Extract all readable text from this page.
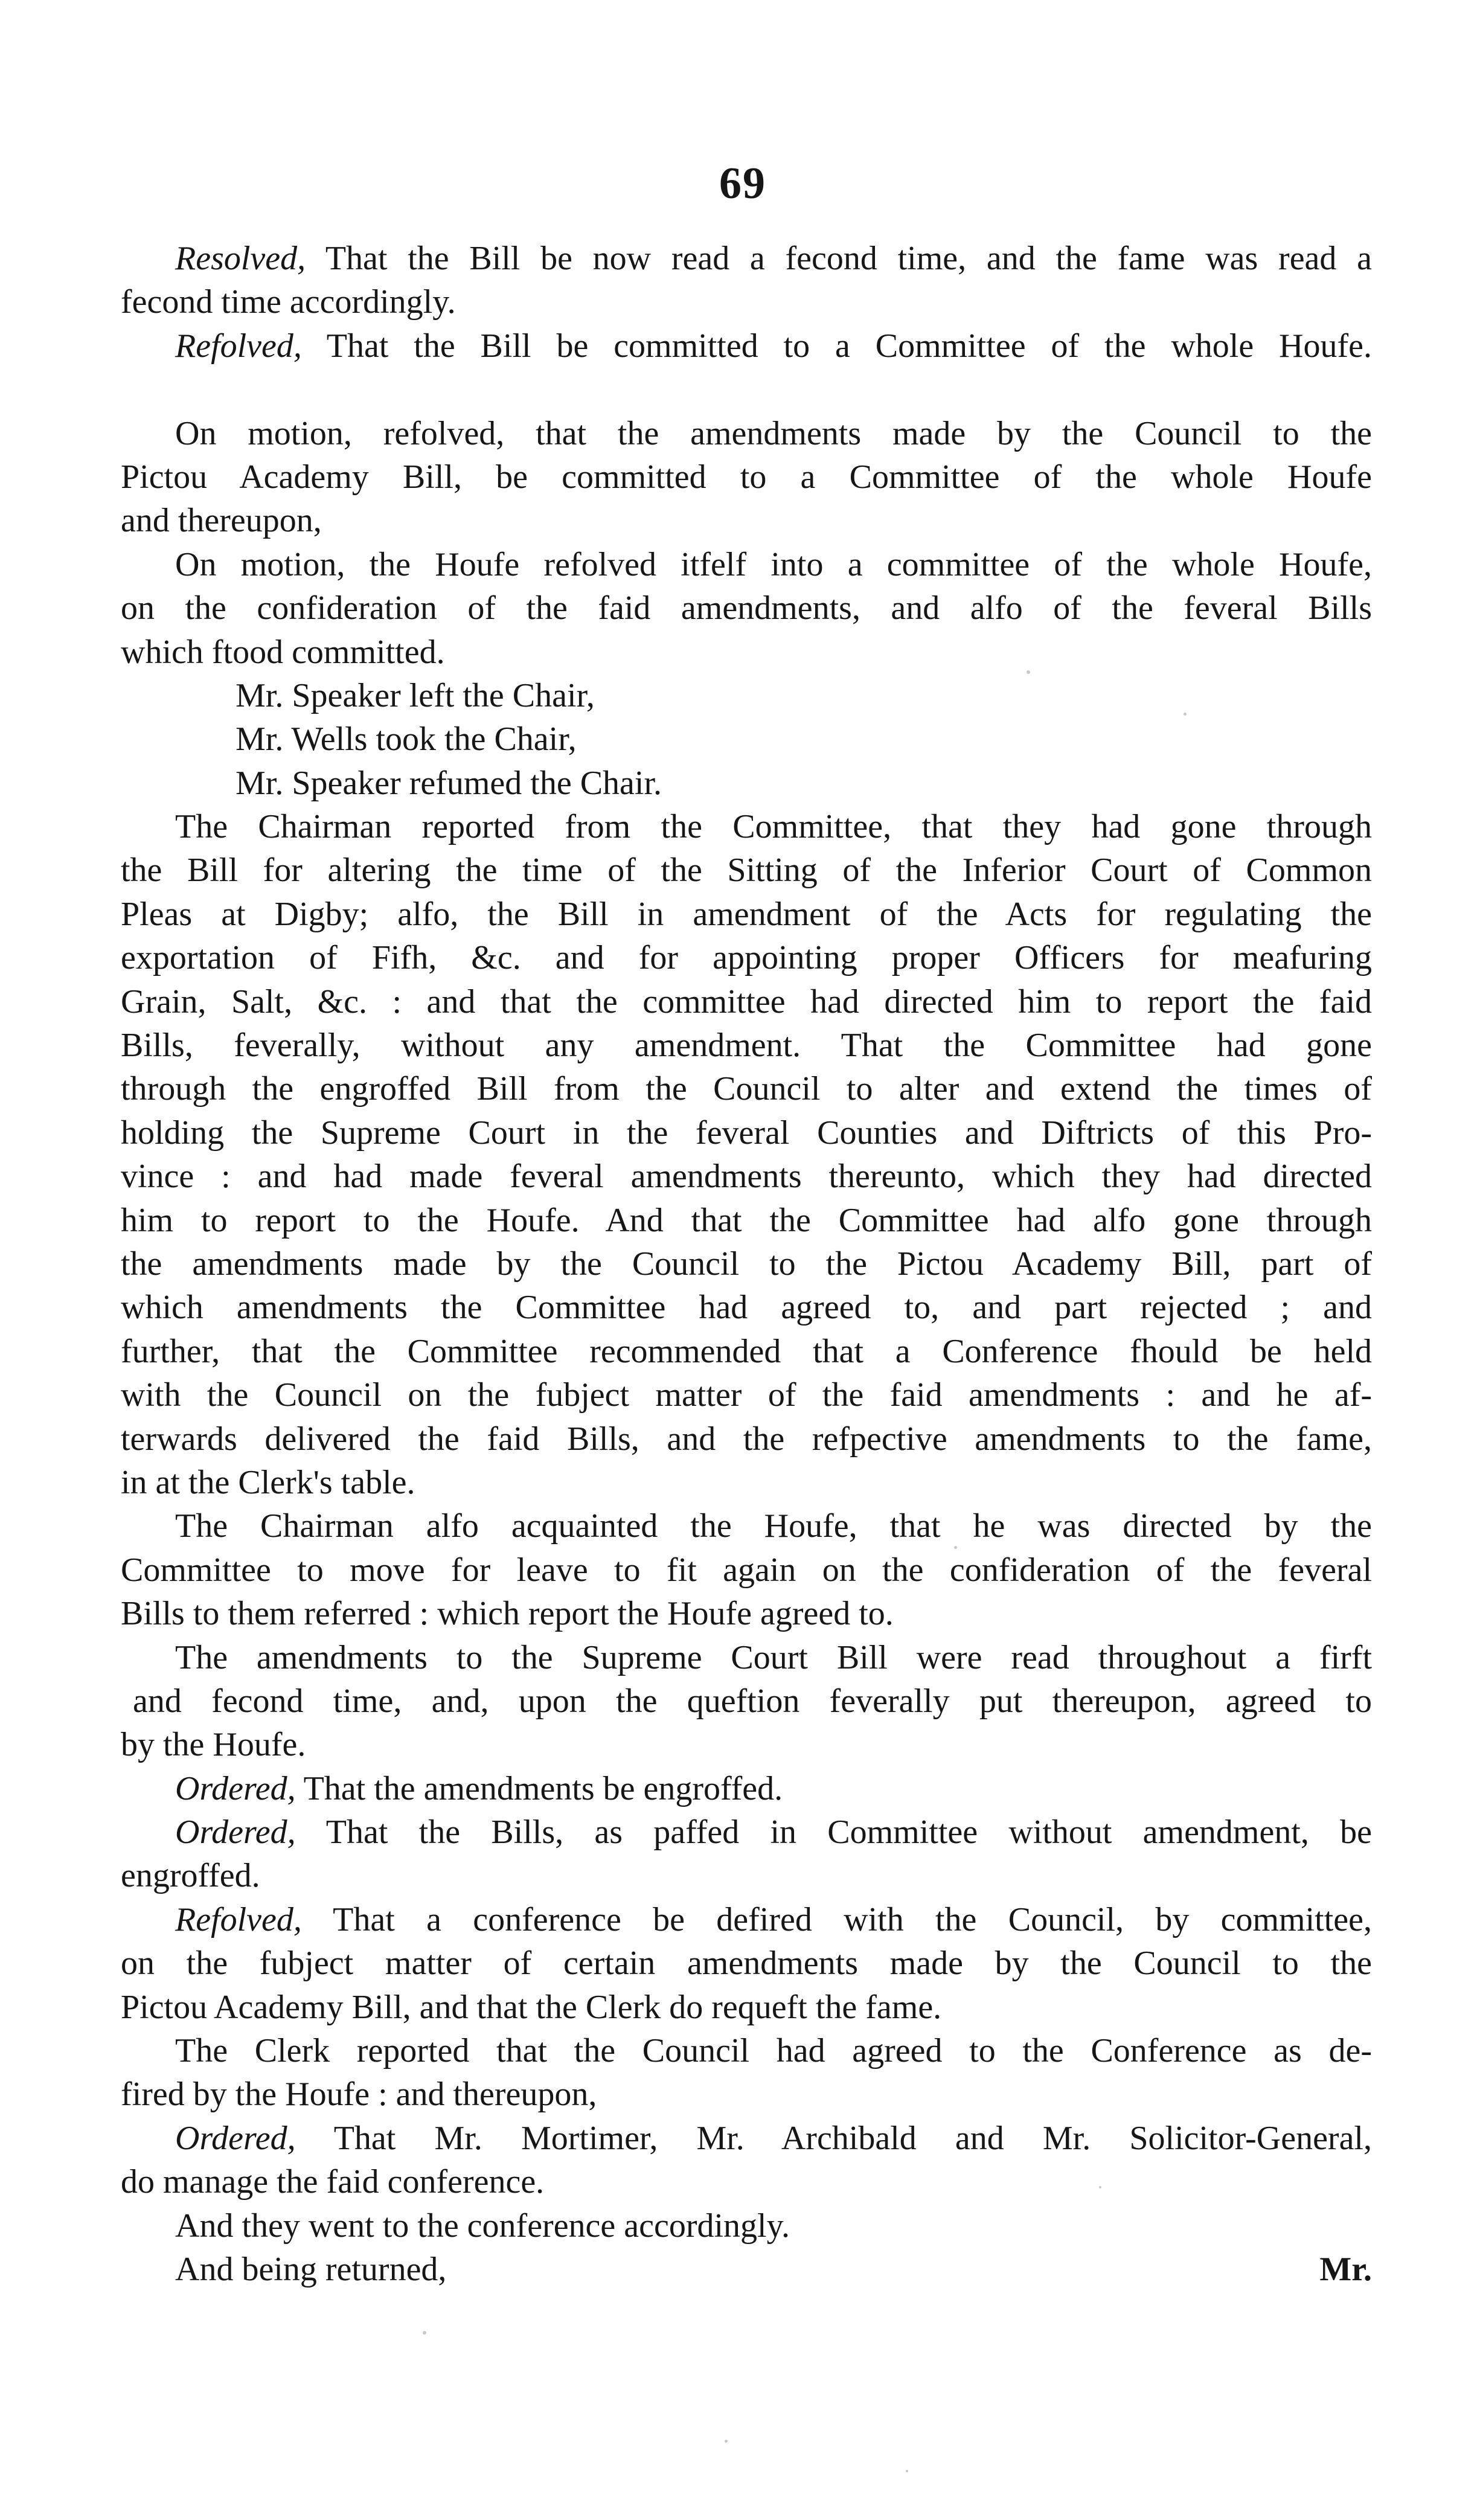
69
Resolved, That the Bill be now read a fecond time, and the fame was read a
fecond time accordingly.
Refolved, That the Bill be committed to a Committee of the whole Houfe.
On motion, refolved, that the amendments made by the Council to the
Pictou Academy Bill, be committed to a Committee of the whole Houfe
and thereupon,
On motion, the Houfe refolved itfelf into a committee of the whole Houfe,
on the confideration of the faid amendments, and alfo of the feveral Bills
which ftood committed.
Mr. Speaker left the Chair,
Mr. Wells took the Chair,
Mr. Speaker refumed the Chair.
The Chairman reported from the Committee, that they had gone through
the Bill for altering the time of the Sitting of the Inferior Court of Common
Pleas at Digby; alfo, the Bill in amendment of the Acts for regulating the
exportation of Fifh, &c. and for appointing proper Officers for meafuring
Grain, Salt, &c. : and that the committee had directed him to report the faid
Bills, feverally, without any amendment. That the Committee had gone
through the engroffed Bill from the Council to alter and extend the times of
holding the Supreme Court in the feveral Counties and Diftricts of this Pro-
vince : and had made feveral amendments thereunto, which they had directed
him to report to the Houfe. And that the Committee had alfo gone through
the amendments made by the Council to the Pictou Academy Bill, part of
which amendments the Committee had agreed to, and part rejected ; and
further, that the Committee recommended that a Conference fhould be held
with the Council on the fubject matter of the faid amendments : and he af-
terwards delivered the faid Bills, and the refpective amendments to the fame,
in at the Clerk's table.
The Chairman alfo acquainted the Houfe, that he was directed by the
Committee to move for leave to fit again on the confideration of the feveral
Bills to them referred : which report the Houfe agreed to.
The amendments to the Supreme Court Bill were read throughout a firft
and fecond time, and, upon the queftion feverally put thereupon, agreed to
by the Houfe.
Ordered, That the amendments be engroffed.
Ordered, That the Bills, as paffed in Committee without amendment, be
engroffed.
Refolved, That a conference be defired with the Council, by committee,
on the fubject matter of certain amendments made by the Council to the
Pictou Academy Bill, and that the Clerk do requeft the fame.
The Clerk reported that the Council had agreed to the Conference as de-
fired by the Houfe : and thereupon,
Ordered, That Mr. Mortimer, Mr. Archibald and Mr. Solicitor-General,
do manage the faid conference.
And they went to the conference accordingly.
And being returned,	Mr.
